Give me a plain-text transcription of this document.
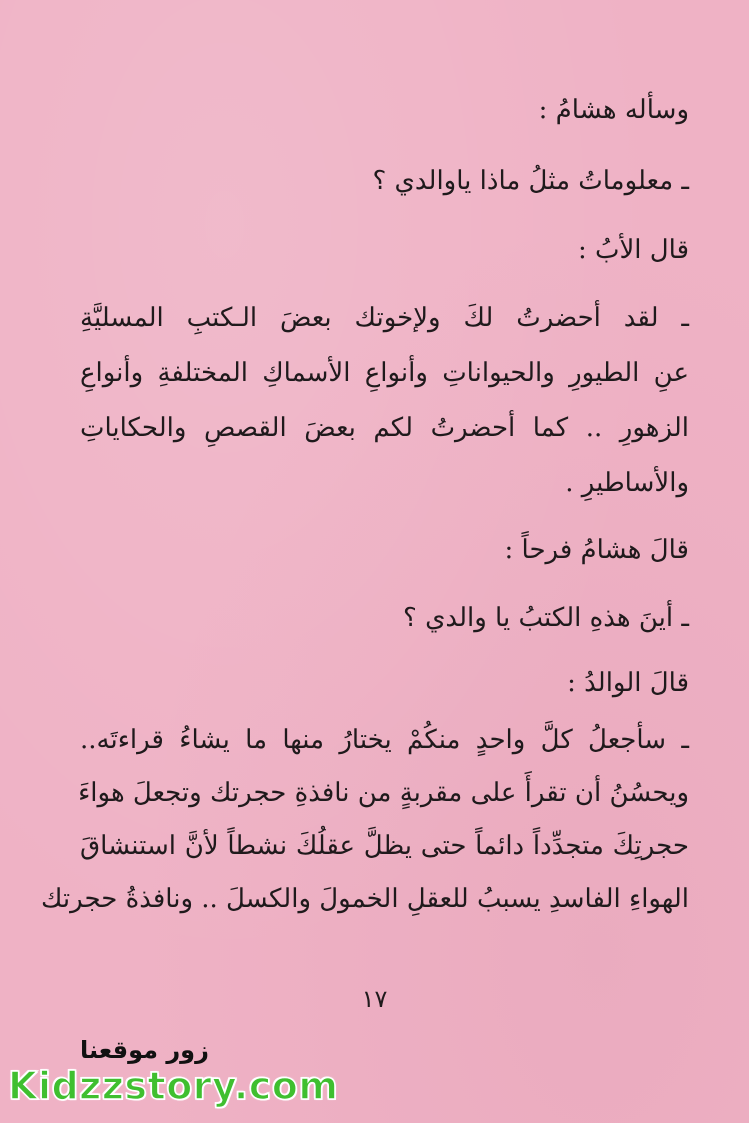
وسأله هشامُ :
ـ معلوماتُ مثلُ ماذا ياوالدي ؟
قال الأبُ :
ـ لقد أحضرتُ لكَ ولإخوتك بعضَ الـكتبِ المسليَّةِ
عنِ الطيورِ والحيواناتِ وأنواعِ الأسماكِ المختلفةِ وأنواعِ
الزهورِ .. كما أحضرتُ لكم بعضَ القصصِ والحكاياتِ
والأساطيرِ .
قالَ هشامُ فرحاً :
ـ أينَ هذهِ الكتبُ يا والدي ؟
قالَ الوالدُ :
ـ سأجعلُ كلَّ واحدٍ منكُمْ يختارُ منها ما يشاءُ قراءتَه..
ويحسُنُ أن تقرأَ على مقربةٍ من نافذةِ حجرتك وتجعلَ هواءَ
حجرتِكَ متجدِّداً دائماً حتى يظلَّ عقلُكَ نشطاً لأنَّ استنشاقَ
الهواءِ الفاسدِ يسببُ للعقلِ الخمولَ والكسلَ .. ونافذةُ حجرتك
١٧
زور موقعنا
Kidzzstory.com
